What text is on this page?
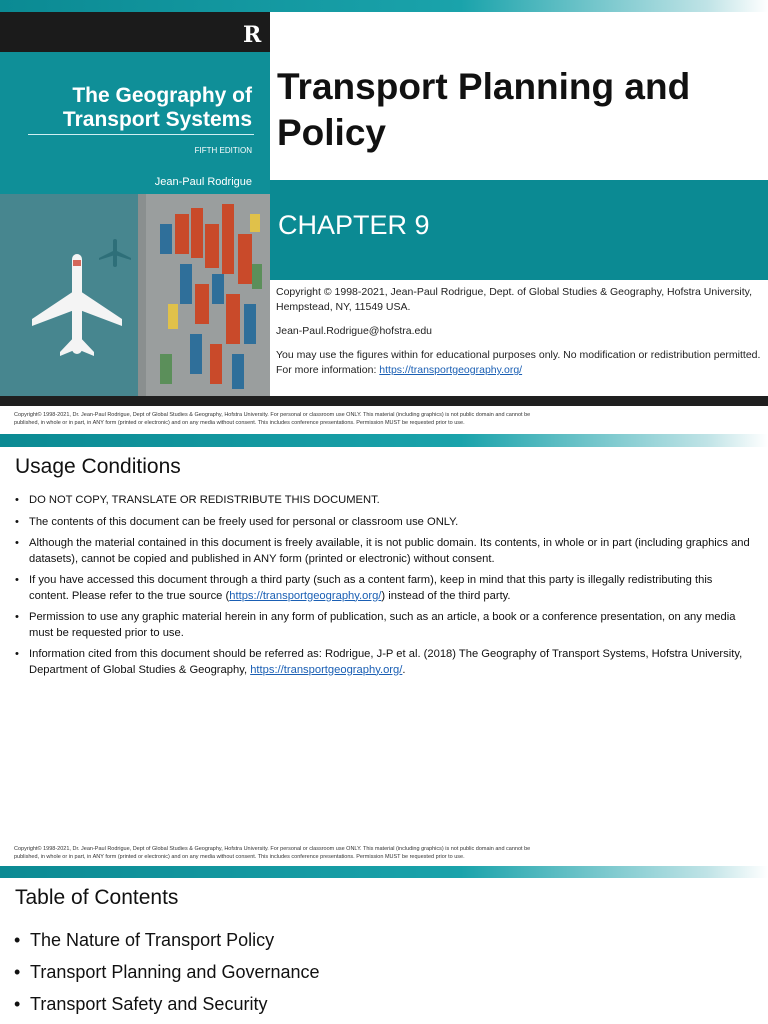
R
The Geography of Transport Systems
FIFTH EDITION
Jean-Paul Rodrigue
Transport Planning and Policy
CHAPTER 9

Copyright © 1998-2021, Jean-Paul Rodrigue, Dept. of Global Studies & Geography, Hofstra University, Hempstead, NY, 11549 USA.

Jean-Paul.Rodrigue@hofstra.edu

You may use the figures within for educational purposes only. No modification or redistribution permitted.
For more information: https://transportgeography.org/

Copyright© 1998-2021, Dr. Jean-Paul Rodrigue, Dept of Global Studies & Geography, Hofstra University. For personal or classroom use ONLY. This material (including graphics) is not public domain and cannot be
published, in whole or in part, in ANY form (printed or electronic) and on any media without consent. This includes conference presentations. Permission MUST be requested prior to use.
Usage Conditions
• DO NOT COPY, TRANSLATE OR REDISTRIBUTE THIS DOCUMENT.
• The contents of this document can be freely used for personal or classroom use ONLY.
• Although the material contained in this document is freely available, it is not public domain. Its contents, in whole or in part (including graphics and datasets), cannot be copied and published in ANY form (printed or electronic) without consent.
• If you have accessed this document through a third party (such as a content farm), keep in mind that this party is illegally redistributing this content. Please refer to the true source (https://transportgeography.org/) instead of the third party.
• Permission to use any graphic material herein in any form of publication, such as an article, a book or a conference presentation, on any media must be requested prior to use.
• Information cited from this document should be referred as: Rodrigue, J-P et al. (2018) The Geography of Transport Systems, Hofstra University, Department of Global Studies & Geography, https://transportgeography.org/.
Copyright© 1998-2021, Dr. Jean-Paul Rodrigue, Dept of Global Studies & Geography, Hofstra University. For personal or classroom use ONLY. This material (including graphics) is not public domain and cannot be
published, in whole or in part, in ANY form (printed or electronic) and on any media without consent. This includes conference presentations. Permission MUST be requested prior to use.
Table of Contents
• The Nature of Transport Policy
• Transport Planning and Governance
• Transport Safety and Security
